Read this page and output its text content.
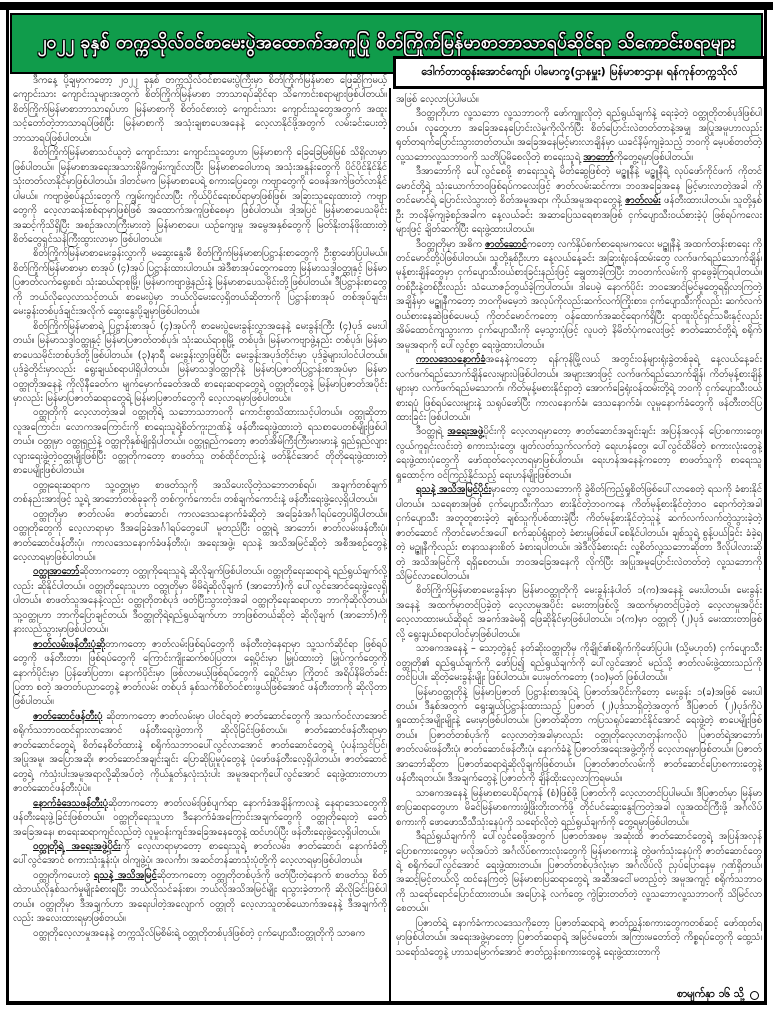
၂၀၂၂ ခုနှစ် တက္ကသိုလ်ဝင်စာမေးပွဲအထောက်အကူပြု စိတ်ကြိုက်မြန်မာစာဘာသာရပ်ဆိုင်ရာ သိကောင်းစရာများ
ဒေါက်တာထွန်းအောင်ကျော်၊ ပါမောက္ခ(ဌာနမှူး) မြန်မာစာဌာန၊ ရန်ကုန်တက္ကသိုလ်

ဒီကနေ့ ပို့ချမှာကတော့ ၂၀၂၂ ခုနှစ် တက္ကသိုလ်ဝင်စာမေးပွဲကြီးမှာ စိတ်ကြိုက်မြန်မာစာ ဖြေဆိုကြမယ့် ကျောင်းသား ကျောင်းသူများအတွက် စိတ်ကြိုက်မြန်မာစာ ဘာသာရပ်ဆိုင်ရာ သိကောင်းစရာများဖြစ်ပါတယ်။ စိတ်ကြိုက်မြန်မာစာဘာသာရပ်ဟာ မြန်မာစာကို စိတ်ဝင်စားတဲ့ ကျောင်းသား ကျောင်းသူတွေအတွက် အထူးသင့်တော်တဲ့ဘာသာရပ်ဖြစ်ပြီး မြန်မာစာကို အသုံးချစာပေအနေနဲ့ လေ့လာနိုင်ဖို့အတွက် လမ်းခင်းပေးတဲ့ ဘာသာရပ်ဖြစ်ပါတယ်။

စိတ်ကြိုက်မြန်မာစာသင်ယူတဲ့ ကျောင်းသား ကျောင်းသူတွေဟာ မြန်မာစာကို ခြေခြေမြစ်မြစ် သိရှိလာမှာဖြစ်ပါတယ်။ မြန်မာစာအရေးအသားရိုမိကျွမ်းကျင်လာပြီး မြန်မာစာဝေါဟာရ အသုံးအနှုန်းတွေကို ပိုင်ပိုင်နိုင်နိုင် သုံးတတ်လာနိုင်မှာဖြစ်ပါတယ်။ ဒါတင်မက မြန်မာစာပေရဲ့ စကားပြေတွေ၊ ကဗျာတွေကို ဝေဖန်အကဲဖြတ်လာနိုင်ပါမယ်။ ကဗျာဖွဲ့စပ်နည်းတွေကို ကျွမ်းကျင်လာပြီး ကိုယ်ပိုင်ရေးစပ်ရာမှာဖြစ်ဖြစ်၊ အခြားသူရေးထားတဲ့ ကဗျာတွေကို လေ့လာဆန်းစစ်ရာမှာဖြစ်ဖြစ် အထောက်အကူဖြစ်စေမှာ ဖြစ်ပါတယ်။ ဒါ့အပြင် မြန်မာစာပေသမိုင်းအဆင့်ကိုသိရှိပြီး အစဉ်အလာကြီးမားတဲ့ မြန်မာစာပေ၊ ယဉ်ကျေးမှု အမွေအနှစ်တွေကို မြတ်နိုးတန်ဖိုးထားတဲ့ စိတ်တွေရှင်သန်ကြီးထွားလာမှာ ဖြစ်ပါတယ်။

စိတ်ကြိုက်မြန်မာစာမေးခွန်းလွှာကို မဆွေးနွေးမီ စိတ်ကြိုက်မြန်မာစာပြဋ္ဌာန်းစာတွေကို ဦးစွာဖော်ပြပါမယ်။ စိတ်ကြိုက်မြန်မာစာမှာ စာအုပ် (၄)အုပ် ပြဋ္ဌာန်းထားပါတယ်။ အဲဒီစာအုပ်တွေကတော့ မြန်မာသဒ္ဒါဝတ္ထုနှင့် မြန်မာပြဇာတ်လက်ရွေးစင်၊ သုံးဆယ်ရာစုမြို့၊ မြန်မာကဗျာဖွဲ့နည်းနဲ့ မြန်မာစာပေသမိုင်းတို့ဖြစ်ပါတယ်။ ဒီပြဋ္ဌာန်းစာတွေကို ဘယ်လိုလေ့လာသင့်တယ်၊ စာမေးပွဲမှာ ဘယ်လိုမေးလေ့ရှိတယ်ဆိုတာကို ပြဋ္ဌာန်းစာအုပ် တစ်အုပ်ချင်း၊ မေးခွန်းတစ်ပုဒ်ချင်းအလိုက် ဆွေးနွေးပို့ချမှာဖြစ်ပါတယ်။

စိတ်ကြိုက်မြန်မာစာရဲ့ ပြဋ္ဌာန်းစာအုပ် (၄)အုပ်ကို စာမေးပွဲမေးခွန်းလွှာအနေနဲ့ မေးခွန်းကြီး (၄)ပုဒ် မေးပါတယ်။ မြန်မာသဒ္ဒါဝတ္ထုနှင့် မြန်မာပြဇာတ်တစ်ပုဒ်၊ သုံးဆယ်ရာစုမြို့ တစ်ပုဒ်၊ မြန်မာကဗျာဖွဲ့နည်း တစ်ပုဒ်၊ မြန်မာစာပေသမိုင်းတစ်ပုဒ်တို့ဖြစ်ပါတယ်။ (၃)နာရီ မေးခွန်းလွှာဖြစ်ပြီး မေးခွန်းအပုဒ်တိုင်းမှာ ပုဒ်ခွဲများပါဝင်ပါတယ်။ ပုဒ်ခွဲတိုင်းမှာလည်း ရွေးချယ်စရာပါရှိပါတယ်။ မြန်မာသဒ္ဒါဝတ္ထုတိုနဲ့ မြန်မာပြဇာတ်ပြဋ္ဌာန်းစာအုပ်မှာ မြန်မာဝတ္ထုတိုအနေနဲ့ ကိုလိုနီခေတ်က မျက်မှောက်ခေတ်အထိ စာရေးဆရာတွေရဲ့ ဝတ္ထုတိုတွေနဲ့ မြန်မာပြဇာတ်အပိုင်းမှာလည်း မြန်မာပြဇာတ်ဆရာတွေရဲ့ မြန်မာပြဇာတ်တွေကို လေ့လာရမှာဖြစ်ပါတယ်။

ဝတ္ထုတိုကို လေ့လာတဲ့အခါ ဝတ္ထုတိုရဲ့ သဘောသဘာဝကို ကောင်းစွာသိထားသင့်ပါတယ်။ ဝတ္ထုဆိုတာ လူအကြောင်း၊ လောကအကြောင်းကို စာရေးသူရဲ့စိတ်ကူးဉာဏ်နဲ့ ဖန်တီးရေးဖွဲ့ထားတဲ့ ရသစာပေတစ်မျိုးဖြစ်ပါတယ်။ ဝတ္ထုမှာ ဝတ္ထုရှည်နဲ့ ဝတ္ထုတိုနှစ်မျိုးရှိပါတယ်။ ဝတ္ထုရှည်ကတော့ ဇာတ်အိမ်ကြီးကြီးမားမားနဲ့ ရှည်ရှည်လျားလျားရေးဖွဲ့တဲ့ဝတ္ထုမျိုးဖြစ်ပြီး ဝတ္ထုတိုကတော့ စာဖတ်သူ တစ်ထိုင်တည်းနဲ့ ဖတ်နိုင်အောင် တိုတိုရေးဖွဲ့ထားတဲ့ စာပေမျိုးဖြစ်ပါတယ်။

ဝတ္ထုရေးဆရာက သူ့ဝတ္ထုမှာ စာဖတ်သူကို အသိပေးလိုတဲ့သဘောတစ်ရပ်၊ အချက်တစ်ချက် တစ်နည်းအားဖြင့် သူ့ရဲ့ အာဘော်တစ်ခုခုကို တစ်ကွက်ကောင်း၊ တစ်ချက်ကောင်းနဲ့ ဖန်တီးရေးဖွဲ့လေ့ရှိပါတယ်။

ဝတ္ထုတိုမှာ ဇာတ်လမ်း၊ ဇာတ်ဆောင်၊ ကာလဒေသနောက်ခံဆိုတဲ့ အခြေခံအင်္ဂါရပ်တွေပါရှိပါတယ်။ ဝတ္ထုတိုတွေကို လေ့လာရာမှာ ဒီအခြေခံအင်္ဂါရပ်တွေပေါ် မူတည်ပြီး ဝတ္ထုရဲ့ အာဘော်၊ ဇာတ်လမ်းဖန်တီးပုံ၊ ဇာတ်ဆောင်ဖန်တီးပုံ၊ ကာလဒေသနောက်ခံဖန်တီးပုံ၊ အရေးအဖွဲ့၊ ရသနဲ့ အသိအမြင်ဆိုတဲ့ အစီအစဉ်တွေနဲ့ လေ့လာရမှာဖြစ်ပါတယ်။

ဝတ္ထုအာဘော်ဆိုတာကတော့ ဝတ္ထုကိုရေးသူရဲ့ ဆိုလိုချက်ဖြစ်ပါတယ်။ ဝတ္ထုတိုရေးဆရာရဲ့ ရည်ရွယ်ချက်လို့လည်း ဆိုနိုင်ပါတယ်။ ဝတ္ထုတိုရေးသူဟာ ဝတ္ထုတိုမှာ မိမိရဲ့ဆိုလိုချက် (အာဘော်)ကို ပေါ်လွင်အောင်ရေးဖွဲ့လေ့ရှိပါတယ်။ စာဖတ်သူအနေနဲ့လည်း ဝတ္ထုတိုတစ်ပုဒ် ဖတ်ပြီးသွားတဲ့အခါ ဝတ္ထုတိုရေးဆရာဟာ ဘာကိုဆိုလိုတယ်၊ သူ့ဝတ္ထုဟာ ဘာကိုပြောချင်တယ်၊ ဒီဝတ္ထုတိုရဲ့ရည်ရွယ်ချက်ဟာ ဘာဖြစ်တယ်ဆိုတဲ့ ဆိုလိုချက် (အာဘော်)ကို နားလည်သွားမှာဖြစ်ပါတယ်။

ဇာတ်လမ်းဖန်တီးပုံဆိုတာကတော့ ဇာတ်လမ်းဖြစ်ရပ်တွေကို ဖန်တီးတဲ့နေရာမှာ သူ့သက်ဆိုင်ရာ ဖြစ်ရပ်တွေကို ဖန်တီးတာ၊ ဖြစ်ရပ်တွေကို ကြောင်းကျိုးဆက်စပ်ပြတာ၊ ရှေ့ပိုင်းမှာ မြှုပ်ထားတဲ့ မြှုပ်ကွက်တွေကို နောက်ပိုင်းမှာ ပြန်ဖော်ပြတာ၊ နောက်ပိုင်းမှာ ဖြစ်လာမယ့်ဖြစ်ရပ်တွေကို ရှေ့ပိုင်းမှာ ကြိုတင် အရိပ်နိမိတ်ခင်းပြတာ စတဲ့ အတတ်ပညာတွေနဲ့ ဇာတ်လမ်း တစ်ပုဒ် နှစ်သက်စိတ်ဝင်စားဖွယ်ဖြစ်အောင် ဖန်တီးတာကို ဆိုလိုတာ ဖြစ်ပါတယ်။

ဇာတ်ဆောင်ဖန်တီးပုံ ဆိုတာကတော့ ဇာတ်လမ်းမှာ ပါဝင်ရတဲ့ ဇာတ်ဆောင်တွေကို အသက်ဝင်လာအောင် စရိုက်သဘာဝထင်ရှားလာအောင် ဖန်တီးရေးဖွဲ့တာကို ဆိုလိုခြင်းဖြစ်တယ်။ ဇာတ်ဆောင်ဖန်တီးရာမှာ ဇာတ်ဆောင်တွေရဲ့ စိတ်နေစိတ်ထားနဲ့ စရိုက်သဘာဝပေါ်လွင်လာအောင် ဇာတ်ဆောင်တွေရဲ့ ပုံပန်းသွင်ပြင်၊ အပြုအမူ၊ အပြောအဆို၊ ဇာတ်ဆောင်အချင်းချင်း ပြောဆိုပြုမူပုံတွေနဲ့ ပုံဖော်ဖန်တီးလေ့ရှိပါတယ်။ ဇာတ်ဆောင်တွေရဲ့ ကံသုံးပါးအမူအရာလို့ဆိုအပ်တဲ့ ကိုယ်နှုတ်နှလုံးသုံးပါး အမူအရာကိုပေါ်လွင်အောင် ရေးဖွဲ့ထားတာဟာ ဇာတ်ဆောင်ဖန်တီးပုံပဲ။

နောက်ခံဒေသဖန်တီးပုံဆိုတာကတော့ ဇာတ်လမ်းဖြစ်ပျက်ရာ နောက်ခံအချိန်ကာလနဲ့ နေရာဒေသတွေကို ဖန်တီးရေးဖွဲ့ခြင်းဖြစ်တယ်။ ဝတ္ထုတိုရေးသူဟာ ဒီနောက်ခံအကြောင်းအချက်တွေကို ဝတ္ထုတိုရေးတဲ့ ခေတ်အခြေအနေ၊ စာရေးဆရာကျင်လည်တဲ့ လူမှုဝန်းကျင်အခြေအနေတွေနဲ့ ထင်ဟပ်ပြီး ဖန်တီးရေးဖွဲ့လေ့ရှိပါတယ်။

ဝတ္ထုတိုရဲ့ အရေးအဖွဲ့ပိုင်းကို လေ့လာရာမှာတော့ စာရေးသူရဲ့ ဇာတ်လမ်း၊ ဇာတ်ဆောင်၊ နောက်ခံတို့ ပေါ်လွင်အောင် စကားသုံးနှုန်းပုံ၊ ဝါကျဖွဲ့ပုံ၊ အလင်္ကာ၊ အဆင်တန်ဆာသုံးပုံတို့ကို လေ့လာရမှာဖြစ်ပါတယ်။

ဝတ္ထုတိုကပေးတဲ့ ရသနဲ့ အသိအမြင်ဆိုတာကတော့ ဝတ္ထုတိုတစ်ပုဒ်ကို ဖတ်ပြီးတဲ့နောက် စာဖတ်သူ စိတ်ထဲဘယ်လိုနှစ်သက်မှုမျိုးခံစားရပြီး ဘယ်လိုသင်ခန်းစာ၊ ဘယ်လိုအသိအမြင်မျိုး ရသွားခဲ့တာကို ဆိုလိုခြင်းဖြစ်ပါတယ်။ ဝတ္ထုတိုမှာ ဒီအချက်ဟာ အရေးပါတဲ့အလျောက် ဝတ္ထုတို လေ့လာသူတစ်ယောက်အနေနဲ့ ဒီအချက်ကိုလည်း အလေးထားရမှာဖြစ်တယ်။

ဝတ္ထုတိုလေ့လာမှုအနေနဲ့ တက္ကသိုလ်မြစိမ်းရဲ့ ဝတ္ထုတိုတစ်ပုဒ်ဖြစ်တဲ့ ငှက်ပျောသီးဝတ္ထုတိုကို သာဓက

အဖြစ် လေ့လာပြပါမယ်။

ဒီဝတ္ထုတိုဟာ လူ့သဘော လူ့သဘာဝကို ဖော်ကျူးလိုတဲ့ ရည်ရွယ်ချက်နဲ့ ရေးခဲ့တဲ့ ဝတ္ထုတိုတစ်ပုဒ်ဖြစ်ပါတယ်။ လူတွေဟာ အခြေအနေပြောင်းလဲမှုကိုလိုက်ပြီး စိတ်ပြောင်းလဲတတ်တာနဲ့အမျှ အပြုအမူဟာလည်း ရုတ်တရက်ပြောင်းသွားတတ်တယ်။ အခြေအနေမြင့်မားလာချိန်မှာ ယခင်နိမ့်ကျခဲ့သည့် ဘဝကို မေ့ပစ်တတ်တဲ့ လူ့သဘောလူ့သဘာဝကို သတိပြုမိစေလိုတဲ့ စာရေးသူရဲ့ အာဘော်ကိုတွေ့ရမှာဖြစ်ပါတယ်။

ဒီအာဘော်ကို ပေါ်လွင်စေဖို့ စာရေးသူရဲ့ မိတ်ဆွေဖြစ်တဲ့ မဥ္ဇူနီနဲ့ မဥ္ဇူနီရဲ့ လုပ်ဖော်ကိုင်ဖက် ကိုတင်မောင်တို့ရဲ့ သုံးယောက်ဘဝဖြစ်ရပ်ကလေးဖြင့် ဇာတ်လမ်းဆင်ကာ၊ ဘဝအခြေအနေ မြင့်မားလာတဲ့အခါ ကိုတင်မောင်ရဲ့ ပြောင်းလဲသွားတဲ့ စိတ်အမူအရာ၊ ကိုယ်အမူအရာတွေနဲ့ ဇာတ်လမ်း ဖန်တီးထားပါတယ်။ သူတို့နှစ်ဦး ဘဝနိမ့်ကျခဲ့စဉ်အခါက နေ့လယ်ခင်း အဆာပြေသရေစာအဖြစ် ငှက်ပျောသီးဝယ်စားခဲ့ပုံ ဖြစ်ရပ်ကလေးများဖြင့် ချိတ်ဆက်ပြီး ရေးဖွဲ့ထားပါတယ်။

ဒီဝတ္ထုတိုမှာ အဓိက ဇာတ်ဆောင်ကတော့ လက်နှိပ်စက်စာရေးမကလေး မဥ္ဇူနီနဲ့ အထက်တန်းစာရေး ကိုတင်မောင်တို့ပဲဖြစ်ပါတယ်။ သူတို့နှစ်ဦးဟာ နေ့လယ်နေ့ခင်း အခြားရုံးဝန်ထမ်းတွေ လက်ဖက်ရည်သောက်ချိန်၊ မုန့်စားချိန်တွေမှာ ငှက်ပျောသီးဝယ်စားခြင်းနည်းဖြင့် ချွေတာခဲ့ကြပြီး ဘဝတက်လမ်းကို ရှာဖွေခဲ့ကြရပါတယ်။ တစ်ဦးနဲ့တစ်ဦးလည်း သံယောဇဉ်တွယ်ခဲ့ကြပါတယ်။ ဒါပေမဲ့ နောက်ပိုင်း ဘဝအောင်မြင်မှုတွေရရှိလာကြတဲ့အချိန်မှာ မဥ္ဇူနီကတော့ ဘဝကိုမမေ့ဘဲ အလုပ်ကိုလည်းဆက်လက်ကြိုးစား၊ ငှက်ပျောသီးကိုလည်း ဆက်လက်ဝယ်စားနေဆဲဖြစ်ပေမယ့် ကိုတင်မောင်ကတော့ ဝန်ထောက်အဆင့်ရောက်ရှိပြီး ရာထူးပိုင်ရှင်သမီးနှင့်လည်း အိမ်ထောင်ကျသွားကာ ငှက်ပျောသီးကို မေ့သွားပုံဖြင့် လူပတဲ့ နိမိတ်ပုံကလေးဖြင့် ဇာတ်ဆောင်တို့ရဲ့ စရိုက်အမူအရာကို ပေါ်လွင်စွာ ရေးဖွဲ့ထားပါတယ်။

ကာလဒေသနောက်ခံအနေနဲ့ကတော့ ရန်ကုန်မြို့လယ် အတွင်းဝန်များရုံးခွဲတစ်ခုရဲ့ နေ့လယ်နေ့ခင်း လက်ဖက်ရည်သောက်ချိန်လေးများပဲဖြစ်ပါတယ်။ အများအားဖြင့် လက်ဖက်ရည်သောက်ချိန်၊ ကိတ်မုန့်စားချိန်များမှာ လက်ဖက်ရည်မသောက်၊ ကိတ်မုန့်မစားနိုင်ရှာတဲ့ အောက်ခြေရုံးဝန်ထမ်းတို့ရဲ့ ဘဝကို ငှက်ပျောသီးဝယ်စားရပုံ ဖြစ်ရပ်လေးများနဲ့ သရုပ်ဖော်ပြီး ကာလနောက်ခံ၊ ဒေသနောက်ခံ၊ လူမှုနောက်ခံတွေကို ဖန်တီးတင်ပြထားခြင်း ဖြစ်ပါတယ်။

ဒီဝတ္ထုရဲ့ အရေးအဖွဲ့ပိုင်းကို လေ့လာရမှာတော့ ဇာတ်ဆောင်အချင်းချင်း အပြန်အလှန် ပြောစကားတွေ၊ လွယ်ကူရှင်းလင်းတဲ့ စကားသုံးတွေ၊ ဖျတ်လတ်သွက်လက်တဲ့ ရေးဟန်တွေ၊ ပေါ်လွင်ထိမိတဲ့ စကားလုံးတွေနဲ့ ရေးဖွဲ့ထားပုံတွေကို ဖော်ထုတ်လေ့လာရမှာဖြစ်ပါတယ်။ ရေးဟန်အနေနဲ့ကတော့ စာဖတ်သူကို စာရေးသူရှုထောင့်က ဝင်ကြည့်နိုင်သည့် ရေးဟန်မျိုးဖြစ်တယ်။

ရသနဲ့ အသိအမြင်ပိုင်းမှာတော့ လူ့ဘဝသဘောကို ခွဲစိတ်ကြည့်ရှုစိတ်ဖြစ်ပေါ်လာစေတဲ့ ရသကို ခံစားနိုင်ပါတယ်။ သရေစာအဖြစ် ငှက်ပျောသီးကိုသာ စားနိုင်တဲ့ဘဝကနေ ကိတ်မုန့်စားနိုင်တဲ့ဘဝ ရောက်တဲ့အခါ ငှက်ပျောသီး အတူတူစားခဲ့တဲ့ ချစ်သူကိုပစ်ထားခဲ့ပြီး ကိတ်မုန့်စားနိုင်တဲ့သူနဲ့ ဆက်လက်လက်တွဲသွားခဲ့တဲ့ ဇာတ်ဆောင် ကိုတင်မောင်အပေါ် စက်ဆုပ်ရွံရှာတဲ့ ခံစားမှုဖြစ်ပေါ်စေနိုင်ပါတယ်။ ချစ်သူရဲ့ စွန့်ပယ်ခြင်း ခံခဲ့ရတဲ့ မဥ္ဇူနီကိုလည်း စာနာသနားစိတ် ခံစားရပါတယ်။ အဲဒီလိုခံစားရင်း လူ့စိတ်လူ့သဘောဆိုတာ ဒီလိုပါလားဆိုတဲ့ အသိအမြင်ကို ရရှိစေတယ်။ ဘဝအခြေအနေကို လိုက်ပြီး အပြုအမူပြောင်းလဲတတ်တဲ့ လူ့သဘောကို သိမြင်လာစေပါတယ်။

စိတ်ကြိုက်မြန်မာစာမေးခွန်းမှာ မြန်မာဝတ္ထုတိုကို မေးခွန်းနံပါတ် ၁(က)အနေနဲ့ မေးပါတယ်။ မေးခွန်းအနေနဲ့ အထက်မှာတင်ပြခဲ့တဲ့ လေ့လာမှုအပိုင်း မေးတာဖြစ်လို့ အထက်မှာတင်ပြခဲ့တဲ့ လေ့လာမှုအပိုင်း လေ့လာထားမယ်ဆိုရင် အခက်အခဲမရှိ ဖြေဆိုနိုင်မှာဖြစ်ပါတယ်။ ၁(က)မှာ ဝတ္ထုတို (၂)ပုဒ် မေးထားတာဖြစ်လို့ ရွေးချယ်စရာပါဝင်မှာဖြစ်ပါတယ်။

သာဓကအနေနဲ့ – သော့တွဲနှင့် နတ်ဆိုးဝတ္ထုတိုမှ ကိုချိုင်၏စရိုက်ကိုဖော်ပြပါ။ (သို့မဟုတ်) ငှက်ပျောသီးဝတ္ထုတို၏ ရည်ရွယ်ချက်ကို ဖော်ပြ၍ ရည်ရွယ်ချက်ကို ပေါ်လွင်အောင် မည်သို့ ဇာတ်လမ်းဖွဲ့ထားသည်ကို တင်ပြပါ။ ဆိုတဲ့မေးခွန်းမျိုး ဖြစ်ပါတယ်။ ပေးမှတ်ကတော့ (၁၀)မှတ် ဖြစ်ပါတယ်။

မြန်မာဝတ္ထုတိုနဲ့ မြန်မာပြဇာတ် ပြဋ္ဌာန်းစာအုပ်ရဲ့ ပြဇာတ်အပိုင်းကိုတော့ မေးခွန်း ၁(ခ)အဖြစ် မေးပါတယ်။ ဒီနှစ်အတွက် ရွေးချယ်ပြဋ္ဌာန်းထားသည့် ပြဇာတ် (၂)ပုဒ်သာရှိတဲ့အတွက် ဒီပြဇာတ် (၂)ပုဒ်ကိုပဲ ရှုထောင့်အမျိုးမျိုးနဲ့ မေးမှာဖြစ်ပါတယ်။ ပြဇာတ်ဆိုတာ ကပြသရုပ်ဆောင်နိုင်အောင် ရေးဖွဲ့တဲ့ စာပေမျိုးဖြစ်တယ်။ ပြဇာတ်တစ်ပုဒ်ကို လေ့လာတဲ့အခါမှာလည်း ဝတ္ထုတိုလေ့လာတုန်းကလိုပဲ ပြဇာတ်ရဲ့အာဘော်၊ ဇာတ်လမ်းဖန်တီးပုံ၊ ဇာတ်ဆောင်ဖန်တီးပုံ၊ နောက်ခံနဲ့ ပြဇာတ်အရေးအဖွဲ့တို့ကို လေ့လာရမှာဖြစ်တယ်။ ပြဇာတ်အာဘော်ဆိုတာ ပြဇာတ်ဆရာရဲ့ဆိုလိုချက်ဖြစ်တယ်။ ပြဇာတ်ဇာတ်လမ်းကို ဇာတ်ဆောင်ပြောစကားတွေနဲ့ ဖန်တီးရတယ်။ ဒီအချက်တွေနဲ့ ပြဇာတ်ကို ချိန်ထိုးလေ့လာကြရမယ်။

သာဓကအနေနဲ့ မြန်မာစာပေရိပ်ရကုန် (စံ)ဖြစ်ဖို့ ပြဇာတ်ကို လေ့လာတင်ပြပါမယ်။ ဒီပြဇာတ်မှာ မြန်မာစာပြဆရာတွေဟာ မိခင်မြန်မာစကားဖွံ့ဖြိုးတိုးတက်ဖို့ တိုင်ပင်ဆွေးနွေးကြတဲ့အခါ လူအထင်ကြီးဖို့ အင်္ဂလိပ်စကားကို ဖောဖောသီသီသုံးနေပုံကို သရော်လိုတဲ့ ရည်ရွယ်ချက်ကို တွေ့ရမှာဖြစ်ပါတယ်။

ဒီရည်ရွယ်ချက်ကို ပေါ်လွင်စေဖို့အတွက် ပြဇာတ်အစမှ အဆုံးထိ ဇာတ်ဆောင်တွေရဲ့ အပြန်အလှန် ပြောစကားတွေမှာ မလိုအပ်ဘဲ အင်္ဂလိပ်စကားလုံးတွေကို မြန်မာစကားနဲ့ တွဲဖက်သုံးနေပုံကို ဇာတ်ဆောင်တွေရဲ့ စရိုက်ပေါ်လွင်အောင် ရေးဖွဲ့ထားတယ်။ ပြဇာတ်တစ်ပုဒ်လုံးမှာ အင်္ဂလိပ်လို ညှပ်ပြောနေမှ ဂုဏ်ရှိတယ်၊ အဆင့်မြင့်တယ်လို့ ထင်နေကြတဲ့ မြန်မာစာပြဆရာတွေရဲ့ အဆီအငေါ်မတည့်တဲ့ အမူအကျင့် စရိုက်သဘာဝကို သရော်ရောင်ပြောင်ထားတယ်။ အပြောနဲ့ လက်တွေ့ ကွဲခြားတတ်တဲ့ လူ့သဘောလူ့သဘာဝကို သိမြင်လာစေတယ်။

ပြဇာတ်ရဲ့ နောက်ခံကာလဒေသကိုတော့ ပြဇာတ်ဆရာရဲ့ ဇာတ်ညွှန်းစကားတွေကတစ်ဆင့် ဖော်ထုတ်ရမှာဖြစ်ပါတယ်။ အရေးအဖွဲ့မှာတော့ ပြဇာတ်ဆရာရဲ့ အမြင်မတော်၊ အကြားမတော်တဲ့ ကိစ္စရပ်တွေကို ထွေ့သံ၊ သရော်သံတွေနဲ့ ဟာသမြောက်အောင် ဇာတ်ညွှန်းစကားတွေနဲ့ ရေးဖွဲ့ထားတာကို

စာမျက်နှာ ၁၆ သို့
